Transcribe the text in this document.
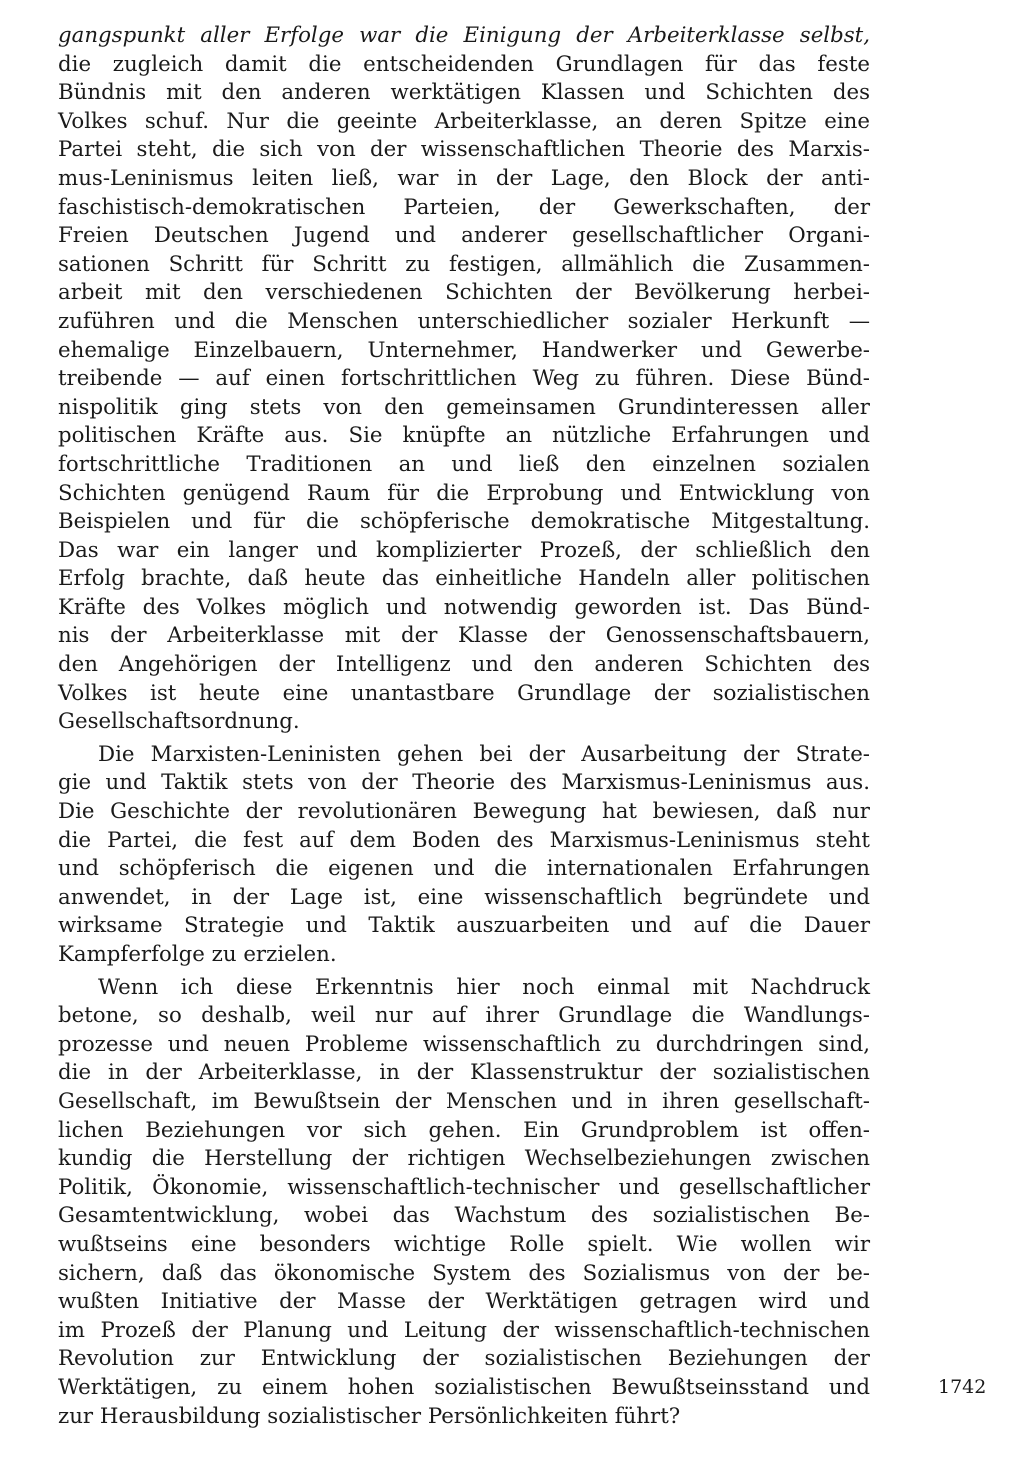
gangspunkt aller Erfolge war die Einigung der Arbeiterklasse selbst,
die zugleich damit die entscheidenden Grundlagen für das feste
Bündnis mit den anderen werktätigen Klassen und Schichten des
Volkes schuf. Nur die geeinte Arbeiterklasse, an deren Spitze eine
Partei steht, die sich von der wissenschaftlichen Theorie des Marxis-
mus-Leninismus leiten ließ, war in der Lage, den Block der anti-
faschistisch-demokratischen Parteien, der Gewerkschaften, der
Freien Deutschen Jugend und anderer gesellschaftlicher Organi-
sationen Schritt für Schritt zu festigen, allmählich die Zusammen-
arbeit mit den verschiedenen Schichten der Bevölkerung herbei-
zuführen und die Menschen unterschiedlicher sozialer Herkunft —
ehemalige Einzelbauern, Unternehmer, Handwerker und Gewerbe-
treibende — auf einen fortschrittlichen Weg zu führen. Diese Bünd-
nispolitik ging stets von den gemeinsamen Grundinteressen aller
politischen Kräfte aus. Sie knüpfte an nützliche Erfahrungen und
fortschrittliche Traditionen an und ließ den einzelnen sozialen
Schichten genügend Raum für die Erprobung und Entwicklung von
Beispielen und für die schöpferische demokratische Mitgestaltung.
Das war ein langer und komplizierter Prozeß, der schließlich den
Erfolg brachte, daß heute das einheitliche Handeln aller politischen
Kräfte des Volkes möglich und notwendig geworden ist. Das Bünd-
nis der Arbeiterklasse mit der Klasse der Genossenschaftsbauern,
den Angehörigen der Intelligenz und den anderen Schichten des
Volkes ist heute eine unantastbare Grundlage der sozialistischen
Gesellschaftsordnung.

Die Marxisten-Leninisten gehen bei der Ausarbeitung der Strate-
gie und Taktik stets von der Theorie des Marxismus-Leninismus aus.
Die Geschichte der revolutionären Bewegung hat bewiesen, daß nur
die Partei, die fest auf dem Boden des Marxismus-Leninismus steht
und schöpferisch die eigenen und die internationalen Erfahrungen
anwendet, in der Lage ist, eine wissenschaftlich begründete und
wirksame Strategie und Taktik auszuarbeiten und auf die Dauer
Kampferfolge zu erzielen.

Wenn ich diese Erkenntnis hier noch einmal mit Nachdruck
betone, so deshalb, weil nur auf ihrer Grundlage die Wandlungs-
prozesse und neuen Probleme wissenschaftlich zu durchdringen sind,
die in der Arbeiterklasse, in der Klassenstruktur der sozialistischen
Gesellschaft, im Bewußtsein der Menschen und in ihren gesellschaft-
lichen Beziehungen vor sich gehen. Ein Grundproblem ist offen-
kundig die Herstellung der richtigen Wechselbeziehungen zwischen
Politik, Ökonomie, wissenschaftlich-technischer und gesellschaftlicher
Gesamtentwicklung, wobei das Wachstum des sozialistischen Be-
wußtseins eine besonders wichtige Rolle spielt. Wie wollen wir
sichern, daß das ökonomische System des Sozialismus von der be-
wußten Initiative der Masse der Werktätigen getragen wird und
im Prozeß der Planung und Leitung der wissenschaftlich-technischen
Revolution zur Entwicklung der sozialistischen Beziehungen der
Werktätigen, zu einem hohen sozialistischen Bewußtseinsstand und
zur Herausbildung sozialistischer Persönlichkeiten führt?

1742
